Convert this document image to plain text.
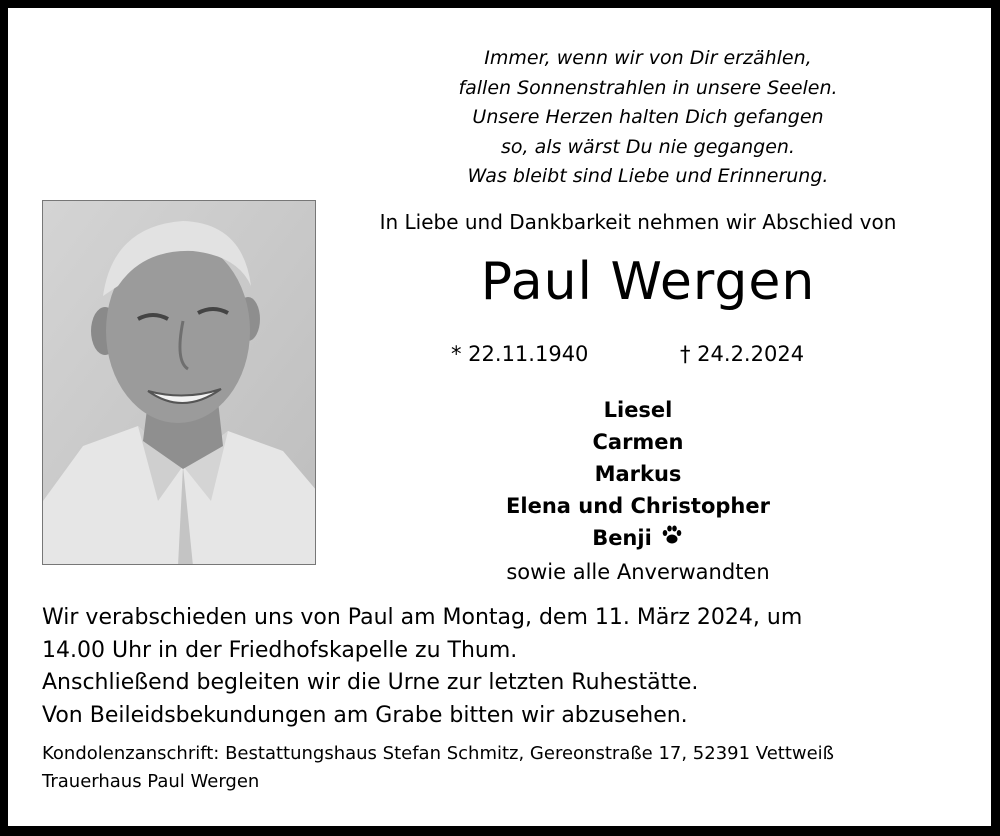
Immer, wenn wir von Dir erzählen,
fallen Sonnenstrahlen in unsere Seelen.
Unsere Herzen halten Dich gefangen
so, als wärst Du nie gegangen.
Was bleibt sind Liebe und Erinnerung.
In Liebe und Dankbarkeit nehmen wir Abschied von
Paul Wergen
* 22.11.1940	† 24.2.2024
Liesel
Carmen
Markus
Elena und Christopher
Benji
sowie alle Anverwandten
Wir verabschieden uns von Paul am Montag, dem 11. März 2024, um
14.00 Uhr in der Friedhofskapelle zu Thum.
Anschließend begleiten wir die Urne zur letzten Ruhestätte.
Von Beileidsbekundungen am Grabe bitten wir abzusehen.
Kondolenzanschrift: Bestattungshaus Stefan Schmitz, Gereonstraße 17, 52391 Vettweiß
Trauerhaus Paul Wergen
